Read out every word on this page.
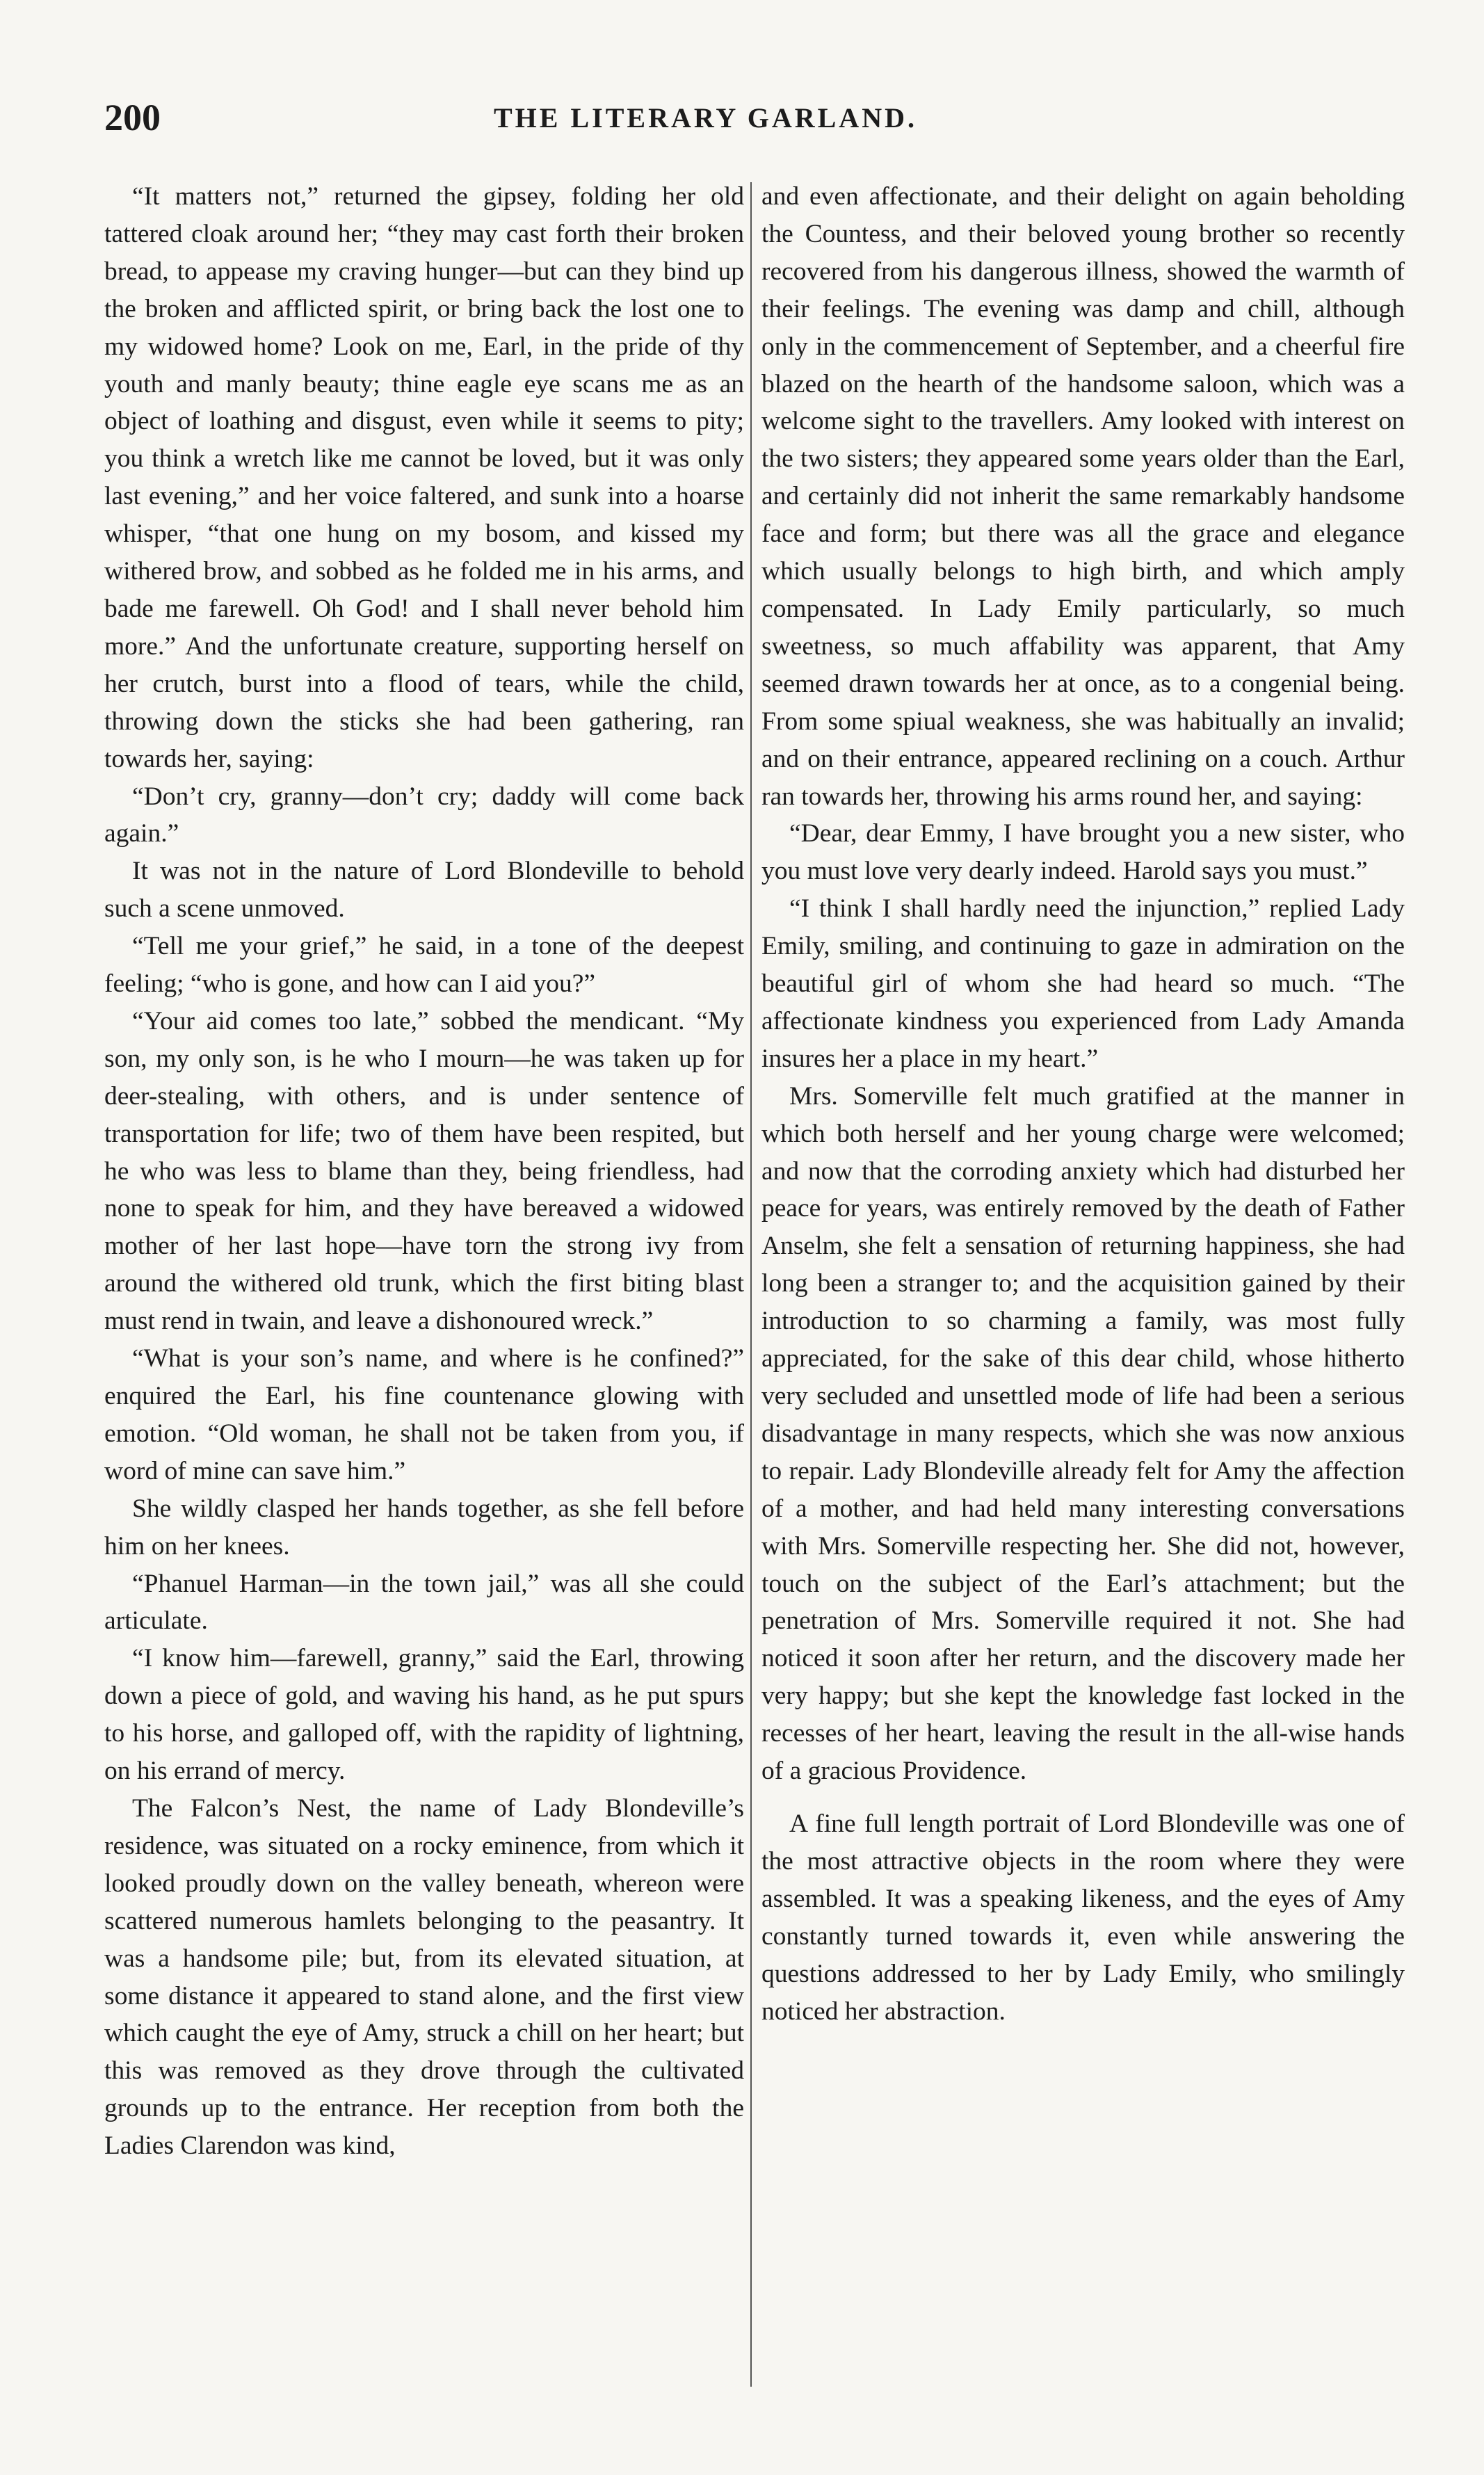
200	THE LITERARY GARLAND.

“It matters not,” returned the gipsey, folding her old tattered cloak around her; “they may cast forth their broken bread, to appease my craving hunger—but can they bind up the broken and afflicted spirit, or bring back the lost one to my widowed home? Look on me, Earl, in the pride of thy youth and manly beauty; thine eagle eye scans me as an object of loathing and disgust, even while it seems to pity; you think a wretch like me cannot be loved, but it was only last evening,” and her voice faltered, and sunk into a hoarse whisper, “that one hung on my bosom, and kissed my withered brow, and sobbed as he folded me in his arms, and bade me farewell. Oh God! and I shall never behold him more.” And the unfortunate creature, supporting herself on her crutch, burst into a flood of tears, while the child, throwing down the sticks she had been gathering, ran towards her, saying:

“Don’t cry, granny—don’t cry; daddy will come back again.”

It was not in the nature of Lord Blondeville to behold such a scene unmoved.

“Tell me your grief,” he said, in a tone of the deepest feeling; “who is gone, and how can I aid you?”

“Your aid comes too late,” sobbed the mendicant. “My son, my only son, is he who I mourn—he was taken up for deer-stealing, with others, and is under sentence of transportation for life; two of them have been respited, but he who was less to blame than they, being friendless, had none to speak for him, and they have bereaved a widowed mother of her last hope—have torn the strong ivy from around the withered old trunk, which the first biting blast must rend in twain, and leave a dishonoured wreck.”

“What is your son’s name, and where is he confined?” enquired the Earl, his fine countenance glowing with emotion. “Old woman, he shall not be taken from you, if word of mine can save him.”

She wildly clasped her hands together, as she fell before him on her knees.

“Phanuel Harman—in the town jail,” was all she could articulate.

“I know him—farewell, granny,” said the Earl, throwing down a piece of gold, and waving his hand, as he put spurs to his horse, and galloped off, with the rapidity of lightning, on his errand of mercy.

The Falcon’s Nest, the name of Lady Blondeville’s residence, was situated on a rocky eminence, from which it looked proudly down on the valley beneath, whereon were scattered numerous hamlets belonging to the peasantry. It was a handsome pile; but, from its elevated situation, at some distance it appeared to stand alone, and the first view which caught the eye of Amy, struck a chill on her heart; but this was removed as they drove through the cultivated grounds up to the entrance. Her reception from both the Ladies Clarendon was kind,

and even affectionate, and their delight on again beholding the Countess, and their beloved young brother so recently recovered from his dangerous illness, showed the warmth of their feelings. The evening was damp and chill, although only in the commencement of September, and a cheerful fire blazed on the hearth of the handsome saloon, which was a welcome sight to the travellers. Amy looked with interest on the two sisters; they appeared some years older than the Earl, and certainly did not inherit the same remarkably handsome face and form; but there was all the grace and elegance which usually belongs to high birth, and which amply compensated. In Lady Emily particularly, so much sweetness, so much affability was apparent, that Amy seemed drawn towards her at once, as to a congenial being. From some spiual weakness, she was habitually an invalid; and on their entrance, appeared reclining on a couch. Arthur ran towards her, throwing his arms round her, and saying:

“Dear, dear Emmy, I have brought you a new sister, who you must love very dearly indeed. Harold says you must.”

“I think I shall hardly need the injunction,” replied Lady Emily, smiling, and continuing to gaze in admiration on the beautiful girl of whom she had heard so much. “The affectionate kindness you experienced from Lady Amanda insures her a place in my heart.”

Mrs. Somerville felt much gratified at the manner in which both herself and her young charge were welcomed; and now that the corroding anxiety which had disturbed her peace for years, was entirely removed by the death of Father Anselm, she felt a sensation of returning happiness, she had long been a stranger to; and the acquisition gained by their introduction to so charming a family, was most fully appreciated, for the sake of this dear child, whose hitherto very secluded and unsettled mode of life had been a serious disadvantage in many respects, which she was now anxious to repair. Lady Blondeville already felt for Amy the affection of a mother, and had held many interesting conversations with Mrs. Somerville respecting her. She did not, however, touch on the subject of the Earl’s attachment; but the penetration of Mrs. Somerville required it not. She had noticed it soon after her return, and the discovery made her very happy; but she kept the knowledge fast locked in the recesses of her heart, leaving the result in the all-wise hands of a gracious Providence.

A fine full length portrait of Lord Blondeville was one of the most attractive objects in the room where they were assembled. It was a speaking likeness, and the eyes of Amy constantly turned towards it, even while answering the questions addressed to her by Lady Emily, who smilingly noticed her abstraction.
